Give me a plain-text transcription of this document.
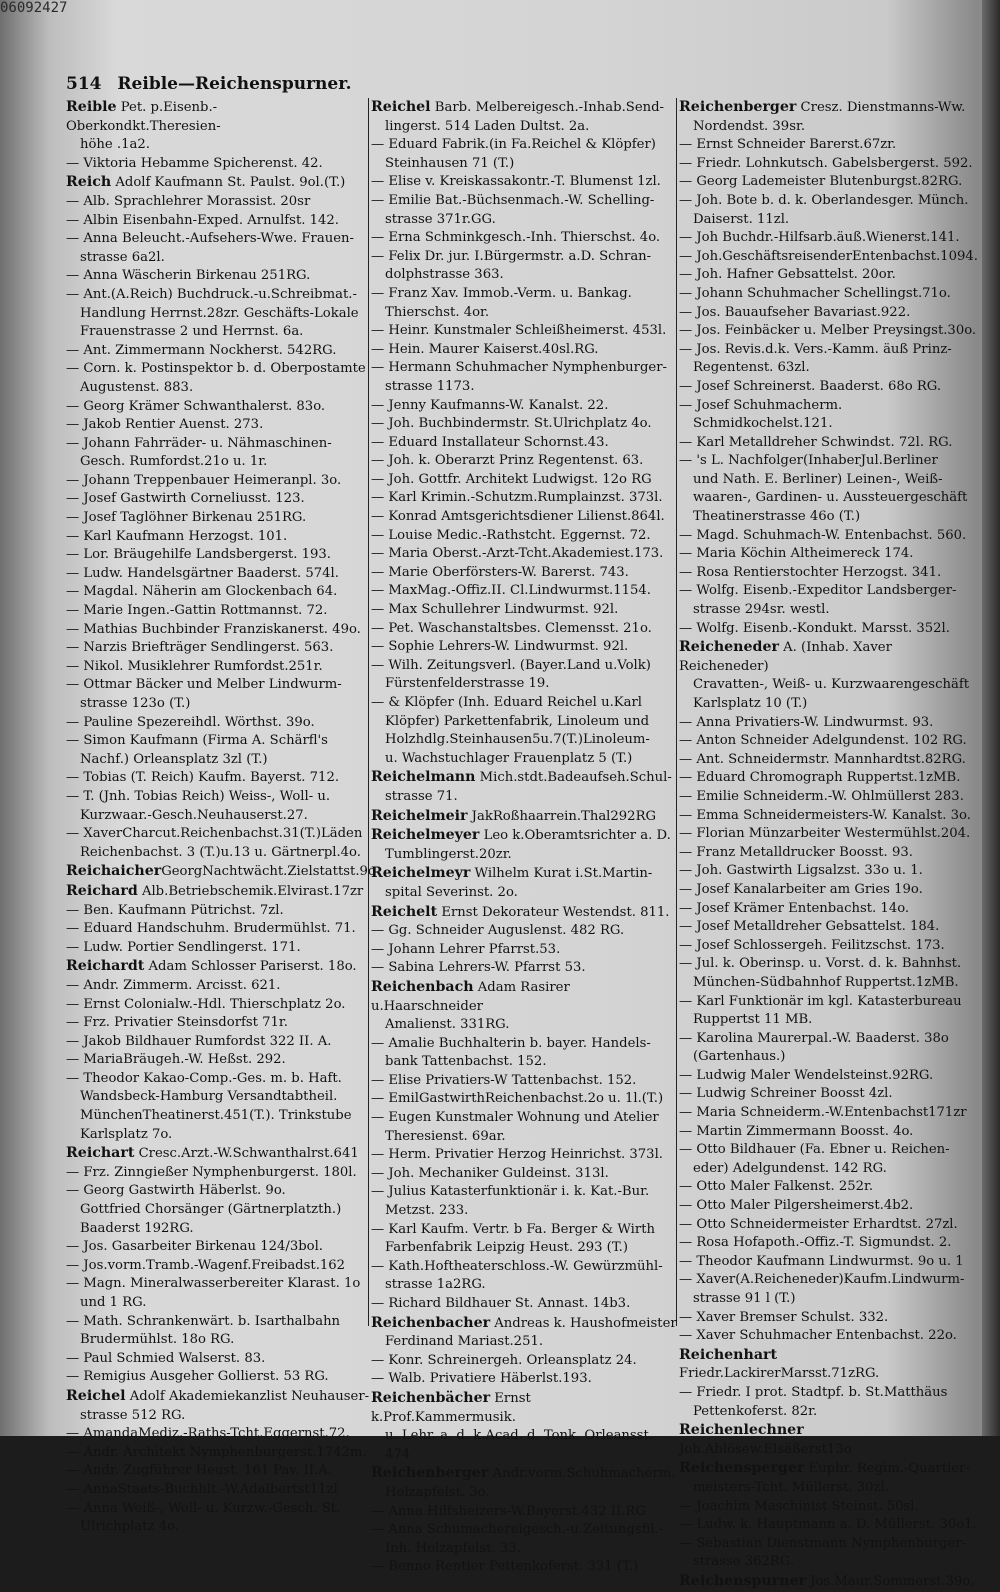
06092427
514 Reible—Reichenspurner.
Reible Pet. p.Eisenb.-Oberkondkt.Theresien-
höhe .1a2.
— Viktoria Hebamme Spicherenst. 42.
Reich Adolf Kaufmann St. Paulst. 9ol.(T.)
— Alb. Sprachlehrer Morassist. 20sr
— Albin Eisenbahn-Exped. Arnulfst. 142.
— Anna Beleucht.-Aufsehers-Wwe. Frauen-
strasse 6a2l.
— Anna Wäscherin Birkenau 251RG.
— Ant.(A.Reich) Buchdruck.-u.Schreibmat.-
Handlung Herrnst.28zr. Geschäfts-Lokale
Frauenstrasse 2 und Herrnst. 6a.
— Ant. Zimmermann Nockherst. 542RG.
— Corn. k. Postinspektor b. d. Oberpostamte
Augustenst. 883.
— Georg Krämer Schwanthalerst. 83o.
— Jakob Rentier Auenst. 273.
— Johann Fahrräder- u. Nähmaschinen-
Gesch. Rumfordst.21o u. 1r.
— Johann Treppenbauer Heimeranpl. 3o.
— Josef Gastwirth Corneliusst. 123.
— Josef Taglöhner Birkenau 251RG.
— Karl Kaufmann Herzogst. 101.
— Lor. Bräugehilfe Landsbergerst. 193.
— Ludw. Handelsgärtner Baaderst. 574l.
— Magdal. Näherin am Glockenbach 64.
— Marie Ingen.-Gattin Rottmannst. 72.
— Mathias Buchbinder Franziskanerst. 49o.
— Narzis Briefträger Sendlingerst. 563.
— Nikol. Musiklehrer Rumfordst.251r.
— Ottmar Bäcker und Melber Lindwurm-
strasse 123o (T.)
— Pauline Spezereihdl. Wörthst. 39o.
— Simon Kaufmann (Firma A. Schärfl's
Nachf.) Orleansplatz 3zl (T.)
— Tobias (T. Reich) Kaufm. Bayerst. 712.
— T. (Jnh. Tobias Reich) Weiss-, Woll- u.
Kurzwaar.-Gesch.Neuhauserst.27.
— XaverCharcut.Reichenbachst.31(T.)Läden
Reichenbachst. 3 (T.)u.13 u. Gärtnerpl.4o.
ReichaicherGeorgNachtwächt.Zielstattst.9o
Reichard Alb.Betriebschemik.Elvirast.17zr
— Ben. Kaufmann Pütrichst. 7zl.
— Eduard Handschuhm. Brudermühlst. 71.
— Ludw. Portier Sendlingerst. 171.
Reichardt Adam Schlosser Pariserst. 18o.
— Andr. Zimmerm. Arcisst. 621.
— Ernst Colonialw.-Hdl. Thierschplatz 2o.
— Frz. Privatier Steinsdorfst 71r.
— Jakob Bildhauer Rumfordst 322 II. A.
— MariaBräugeh.-W. Heßst. 292.
— Theodor Kakao-Comp.-Ges. m. b. Haft.
Wandsbeck-Hamburg Versandtabtheil.
MünchenTheatinerst.451(T.). Trinkstube
Karlsplatz 7o.
Reichart Cresc.Arzt.-W.Schwanthalrst.641
— Frz. Zinngießer Nymphenburgerst. 180l.
— Georg Gastwirth Häberlst. 9o.
Gottfried Chorsänger (Gärtnerplatzth.)
Baaderst 192RG.
— Jos. Gasarbeiter Birkenau 124/3bol.
— Jos.vorm.Tramb.-Wagenf.Freibadst.162
— Magn. Mineralwasserbereiter Klarast. 1o
und 1 RG.
— Math. Schrankenwärt. b. Isarthalbahn
Brudermühlst. 18o RG.
— Paul Schmied Walserst. 83.
— Remigius Ausgeher Gollierst. 53 RG.
Reichel Adolf Akademiekanzlist Neuhauser-
strasse 512 RG.
— AmandaMediz.-Raths-Tcht.Eggernst.72.
— Andr. Architekt Nymphenburgerst.1742m.
— Andr. Zugführer Heust. 161 Pav. II.A.
— AnnaStaats-Buchhlt.-W.Adalbertst11zl
— Anna Weiß-, Woll- u. Kurzw.-Gesch. St.
Ulrichplatz 4o.
Reichel Barb. Melbereigesch.-Inhab.Send-
lingerst. 514 Laden Dultst. 2a.
— Eduard Fabrik.(in Fa.Reichel & Klöpfer)
Steinhausen 71 (T.)
— Elise v. Kreiskassakontr.-T. Blumenst 1zl.
— Emilie Bat.-Büchsenmach.-W. Schelling-
strasse 371r.GG.
— Erna Schminkgesch.-Inh. Thierschst. 4o.
— Felix Dr. jur. I.Bürgermstr. a.D. Schran-
dolphstrasse 363.
— Franz Xav. Immob.-Verm. u. Bankag.
Thierschst. 4or.
— Heinr. Kunstmaler Schleißheimerst. 453l.
— Hein. Maurer Kaiserst.40sl.RG.
— Hermann Schuhmacher Nymphenburger-
strasse 1173.
— Jenny Kaufmanns-W. Kanalst. 22.
— Joh. Buchbindermstr. St.Ulrichplatz 4o.
— Eduard Installateur Schornst.43.
— Joh. k. Oberarzt Prinz Regentenst. 63.
— Joh. Gottfr. Architekt Ludwigst. 12o RG
— Karl Krimin.-Schutzm.Rumplainzst. 373l.
— Konrad Amtsgerichtsdiener Lilienst.864l.
— Louise Medic.-Rathstcht. Eggernst. 72.
— Maria Oberst.-Arzt-Tcht.Akademiest.173.
— Marie Oberförsters-W. Barerst. 743.
— MaxMag.-Offiz.II. Cl.Lindwurmst.1154.
— Max Schullehrer Lindwurmst. 92l.
— Pet. Waschanstaltsbes. Clemensst. 21o.
— Sophie Lehrers-W. Lindwurmst. 92l.
— Wilh. Zeitungsverl. (Bayer.Land u.Volk)
Fürstenfelderstrasse 19.
— & Klöpfer (Inh. Eduard Reichel u.Karl
Klöpfer) Parkettenfabrik, Linoleum und
Holzhdlg.Steinhausen5u.7(T.)Linoleum-
u. Wachstuchlager Frauenplatz 5 (T.)
Reichelmann Mich.stdt.Badeaufseh.Schul-
strasse 71.
Reichelmeir JakRoßhaarrein.Thal292RG
Reichelmeyer Leo k.Oberamtsrichter a. D.
Tumblingerst.20zr.
Reichelmeyr Wilhelm Kurat i.St.Martin-
spital Severinst. 2o.
Reichelt Ernst Dekorateur Westendst. 811.
— Gg. Schneider Auguslenst. 482 RG.
— Johann Lehrer Pfarrst.53.
— Sabina Lehrers-W. Pfarrst 53.
Reichenbach Adam Rasirer u.Haarschneider
Amalienst. 331RG.
— Amalie Buchhalterin b. bayer. Handels-
bank Tattenbachst. 152.
— Elise Privatiers-W Tattenbachst. 152.
— EmilGastwirthReichenbachst.2o u. 1l.(T.)
— Eugen Kunstmaler Wohnung und Atelier
Theresienst. 69ar.
— Herm. Privatier Herzog Heinrichst. 373l.
— Joh. Mechaniker Guldeinst. 313l.
— Julius Katasterfunktionär i. k. Kat.-Bur.
Metzst. 233.
— Karl Kaufm. Vertr. b Fa. Berger & Wirth
Farbenfabrik Leipzig Heust. 293 (T.)
— Kath.Hoftheaterschloss.-W. Gewürzmühl-
strasse 1a2RG.
— Richard Bildhauer St. Annast. 14b3.
Reichenbacher Andreas k. Haushofmeister
Ferdinand Mariast.251.
— Konr. Schreinergeh. Orleansplatz 24.
— Walb. Privatiere Häberlst.193.
Reichenbächer Ernst k.Prof.Kammermusik.
u. Lehr. a. d. k.Acad. d. Tonk. Orleansst. 474
Reichenberger Andr.vorm.Schuhmacherm.
Holzapfelst. 3o.
— Anna Hilfsheizers-W.Bayerst.432 II.RG
— Anna Schumachereigesch.-u.Zeitungsfil.-
Inh. Holzapfelst. 33.
— Benno Rentier Pettenkoferst. 331 (T.)
Reichenberger Cresz. Dienstmanns-Ww.
Nordendst. 39sr.
— Ernst Schneider Barerst.67zr.
— Friedr. Lohnkutsch. Gabelsbergerst. 592.
— Georg Lademeister Blutenburgst.82RG.
— Joh. Bote b. d. k. Oberlandesger. Münch.
Daiserst. 11zl.
— Joh Buchdr.-Hilfsarb.äuß.Wienerst.141.
— Joh.GeschäftsreisenderEntenbachst.1094.
— Joh. Hafner Gebsattelst. 20or.
— Johann Schuhmacher Schellingst.71o.
— Jos. Bauaufseher Bavariast.922.
— Jos. Feinbäcker u. Melber Preysingst.30o.
— Jos. Revis.d.k. Vers.-Kamm. äuß Prinz-
Regentenst. 63zl.
— Josef Schreinerst. Baaderst. 68o RG.
— Josef Schuhmacherm. Schmidkochelst.121.
— Karl Metalldreher Schwindst. 72l. RG.
— 's L. Nachfolger(InhaberJul.Berliner
und Nath. E. Berliner) Leinen-, Weiß-
waaren-, Gardinen- u. Aussteuergeschäft
Theatinerstrasse 46o (T.)
— Magd. Schuhmach-W. Entenbachst. 560.
— Maria Köchin Altheimereck 174.
— Rosa Rentierstochter Herzogst. 341.
— Wolfg. Eisenb.-Expeditor Landsberger-
strasse 294sr. westl.
— Wolfg. Eisenb.-Kondukt. Marsst. 352l.
Reicheneder A. (Inhab. Xaver Reicheneder)
Cravatten-, Weiß- u. Kurzwaarengeschäft
Karlsplatz 10 (T.)
— Anna Privatiers-W. Lindwurmst. 93.
— Anton Schneider Adelgundenst. 102 RG.
— Ant. Schneidermstr. Mannhardtst.82RG.
— Eduard Chromograph Ruppertst.1zMB.
— Emilie Schneiderm.-W. Ohlmüllerst 283.
— Emma Schneidermeisters-W. Kanalst. 3o.
— Florian Münzarbeiter Westermühlst.204.
— Franz Metalldrucker Boosst. 93.
— Joh. Gastwirth Ligsalzst. 33o u. 1.
— Josef Kanalarbeiter am Gries 19o.
— Josef Krämer Entenbachst. 14o.
— Josef Metalldreher Gebsattelst. 184.
— Josef Schlossergeh. Feilitzschst. 173.
— Jul. k. Oberinsp. u. Vorst. d. k. Bahnhst.
München-Südbahnhof Ruppertst.1zMB.
— Karl Funktionär im kgl. Katasterbureau
Ruppertst 11 MB.
— Karolina Maurerpal.-W. Baaderst. 38o
(Gartenhaus.)
— Ludwig Maler Wendelsteinst.92RG.
— Ludwig Schreiner Boosst 4zl.
— Maria Schneiderm.-W.Entenbachst171zr
— Martin Zimmermann Boosst. 4o.
— Otto Bildhauer (Fa. Ebner u. Reichen-
eder) Adelgundenst. 142 RG.
— Otto Maler Falkenst. 252r.
— Otto Maler Pilgersheimerst.4b2.
— Otto Schneidermeister Erhardtst. 27zl.
— Rosa Hofapoth.-Offiz.-T. Sigmundst. 2.
— Theodor Kaufmann Lindwurmst. 9o u. 1
— Xaver(A.Reicheneder)Kaufm.Lindwurm-
strasse 91 l (T.)
— Xaver Bremser Schulst. 332.
— Xaver Schuhmacher Entenbachst. 22o.
Reichenhart Friedr.LackirerMarsst.71zRG.
— Friedr. I prot. Stadtpf. b. St.Matthäus
Pettenkoferst. 82r.
Reichenlechner Joh.Ablösew.Elsäßerst13o
Reichensperger Euphr. Regim.-Quartier-
meisters-Tcht. Müllerst. 30zl.
— Joachim Maschinist Steinst. 50sl.
— Ludw. k. Hauptmann a. D. Müllerst. 30o1.
— Sebastian Dienstmann Nymphenburger-
strasse 362RG.
Reichenspurner Jos.Maur.Sommerst.39o.
